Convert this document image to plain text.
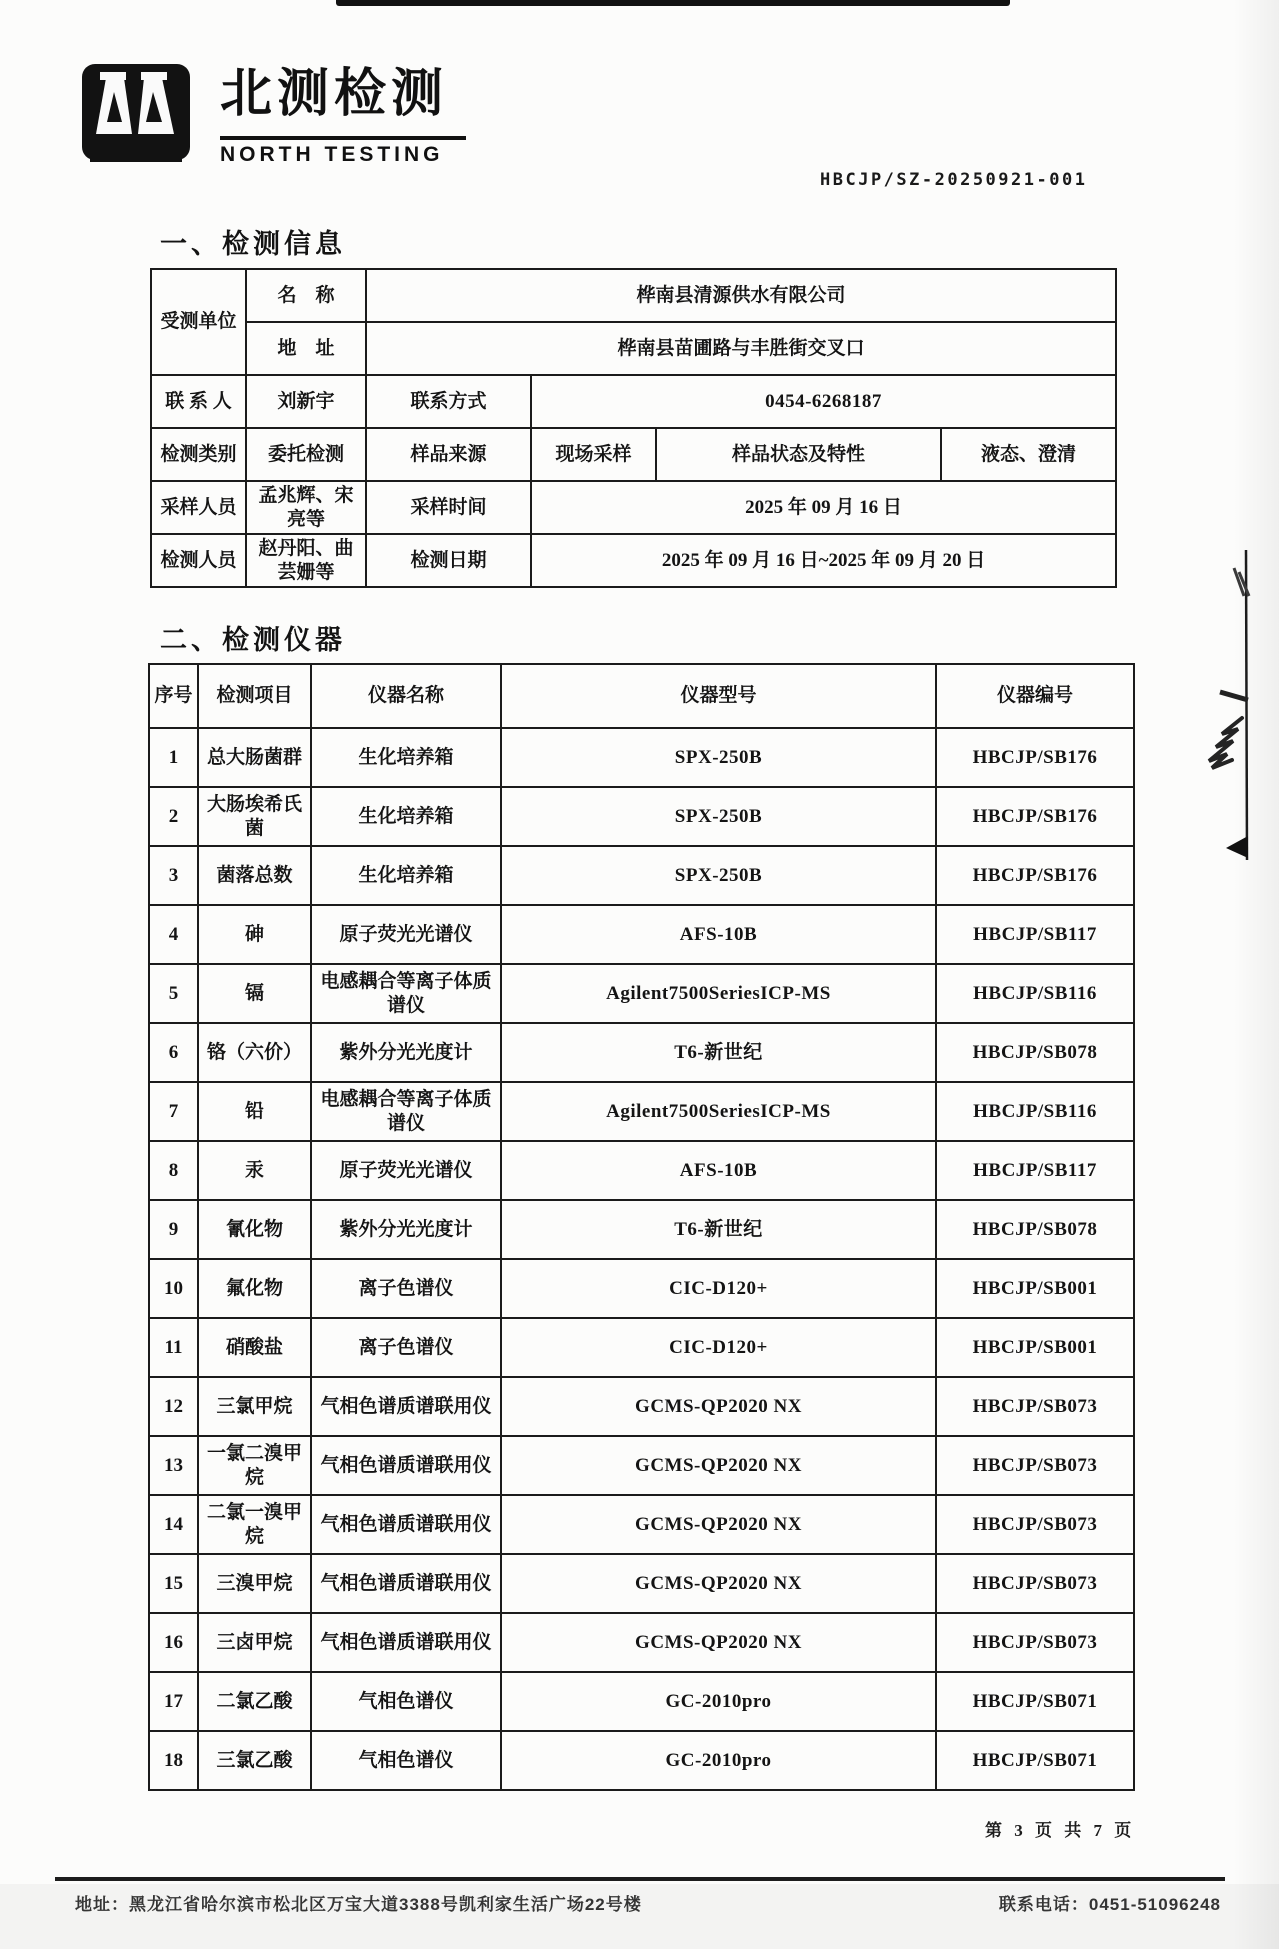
北测检测
NORTH TESTING
HBCJP/SZ-20250921-001
一、检测信息
受测单位	名　称	桦南县清源供水有限公司			
	地　址	桦南县苗圃路与丰胜街交叉口			
联 系 人	刘新宇	联系方式	0454-6268187		
检测类别	委托检测	样品来源	现场采样	样品状态及特性	液态、澄清
采样人员	孟兆辉、宋亮等	采样时间	2025 年 09 月 16 日		
检测人员	赵丹阳、曲芸姗等	检测日期	2025 年 09 月 16 日~2025 年 09 月 20 日		
二、检测仪器
序号	检测项目	仪器名称	仪器型号	仪器编号
1	总大肠菌群	生化培养箱	SPX-250B	HBCJP/SB176
2	大肠埃希氏菌	生化培养箱	SPX-250B	HBCJP/SB176
3	菌落总数	生化培养箱	SPX-250B	HBCJP/SB176
4	砷	原子荧光光谱仪	AFS-10B	HBCJP/SB117
5	镉	电感耦合等离子体质谱仪	Agilent7500SeriesICP-MS	HBCJP/SB116
6	铬（六价）	紫外分光光度计	T6-新世纪	HBCJP/SB078
7	铅	电感耦合等离子体质谱仪	Agilent7500SeriesICP-MS	HBCJP/SB116
8	汞	原子荧光光谱仪	AFS-10B	HBCJP/SB117
9	氰化物	紫外分光光度计	T6-新世纪	HBCJP/SB078
10	氟化物	离子色谱仪	CIC-D120+	HBCJP/SB001
11	硝酸盐	离子色谱仪	CIC-D120+	HBCJP/SB001
12	三氯甲烷	气相色谱质谱联用仪	GCMS-QP2020 NX	HBCJP/SB073
13	一氯二溴甲烷	气相色谱质谱联用仪	GCMS-QP2020 NX	HBCJP/SB073
14	二氯一溴甲烷	气相色谱质谱联用仪	GCMS-QP2020 NX	HBCJP/SB073
15	三溴甲烷	气相色谱质谱联用仪	GCMS-QP2020 NX	HBCJP/SB073
16	三卤甲烷	气相色谱质谱联用仪	GCMS-QP2020 NX	HBCJP/SB073
17	二氯乙酸	气相色谱仪	GC-2010pro	HBCJP/SB071
18	三氯乙酸	气相色谱仪	GC-2010pro	HBCJP/SB071
第 3 页 共 7 页
地址：黑龙江省哈尔滨市松北区万宝大道3388号凯利家生活广场22号楼	联系电话：0451-51096248
